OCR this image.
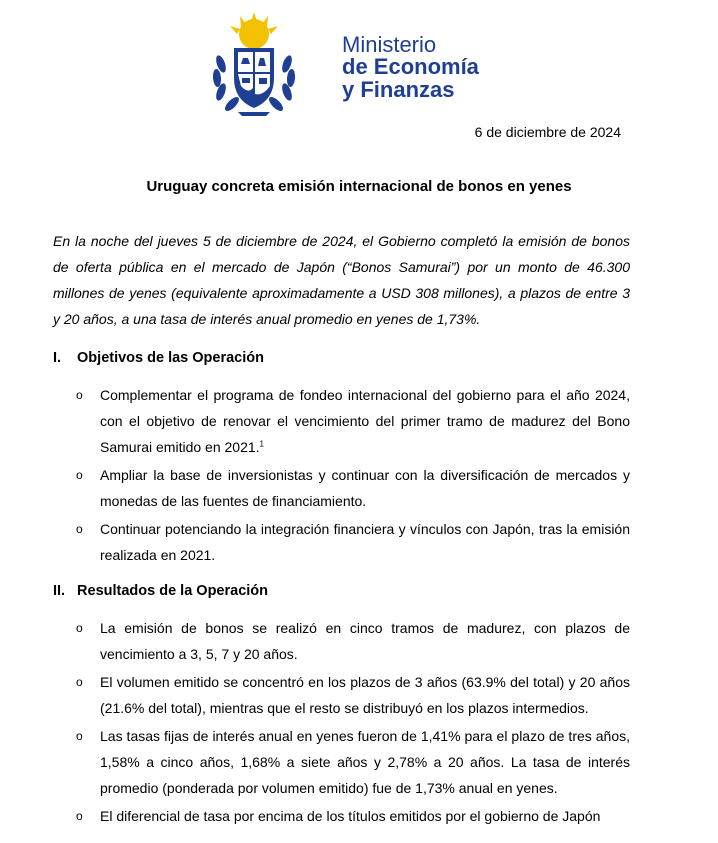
Ministerio
de Economía
y Finanzas
6 de diciembre de 2024
Uruguay concreta emisión internacional de bonos en yenes
En la noche del jueves 5 de diciembre de 2024, el Gobierno completó la emisión de bonos de oferta pública en el mercado de Japón (“Bonos Samurai”) por un monto de 46.300 millones de yenes (equivalente aproximadamente a USD 308 millones), a plazos de entre 3 y 20 años, a una tasa de interés anual promedio en yenes de 1,73%.
I. Objetivos de las Operación
o Complementar el programa de fondeo internacional del gobierno para el año 2024, con el objetivo de renovar el vencimiento del primer tramo de madurez del Bono Samurai emitido en 2021.$^1$
o Ampliar la base de inversionistas y continuar con la diversificación de mercados y monedas de las fuentes de financiamiento.
o Continuar potenciando la integración financiera y vínculos con Japón, tras la emisión realizada en 2021.
II. Resultados de la Operación
o La emisión de bonos se realizó en cinco tramos de madurez, con plazos de vencimiento a 3, 5, 7 y 20 años.
o El volumen emitido se concentró en los plazos de 3 años (63.9% del total) y 20 años (21.6% del total), mientras que el resto se distribuyó en los plazos intermedios.
o Las tasas fijas de interés anual en yenes fueron de 1,41% para el plazo de tres años, 1,58% a cinco años, 1,68% a siete años y 2,78% a 20 años. La tasa de interés promedio (ponderada por volumen emitido) fue de 1,73% anual en yenes.
o El diferencial de tasa por encima de los títulos emitidos por el gobierno de Japón
